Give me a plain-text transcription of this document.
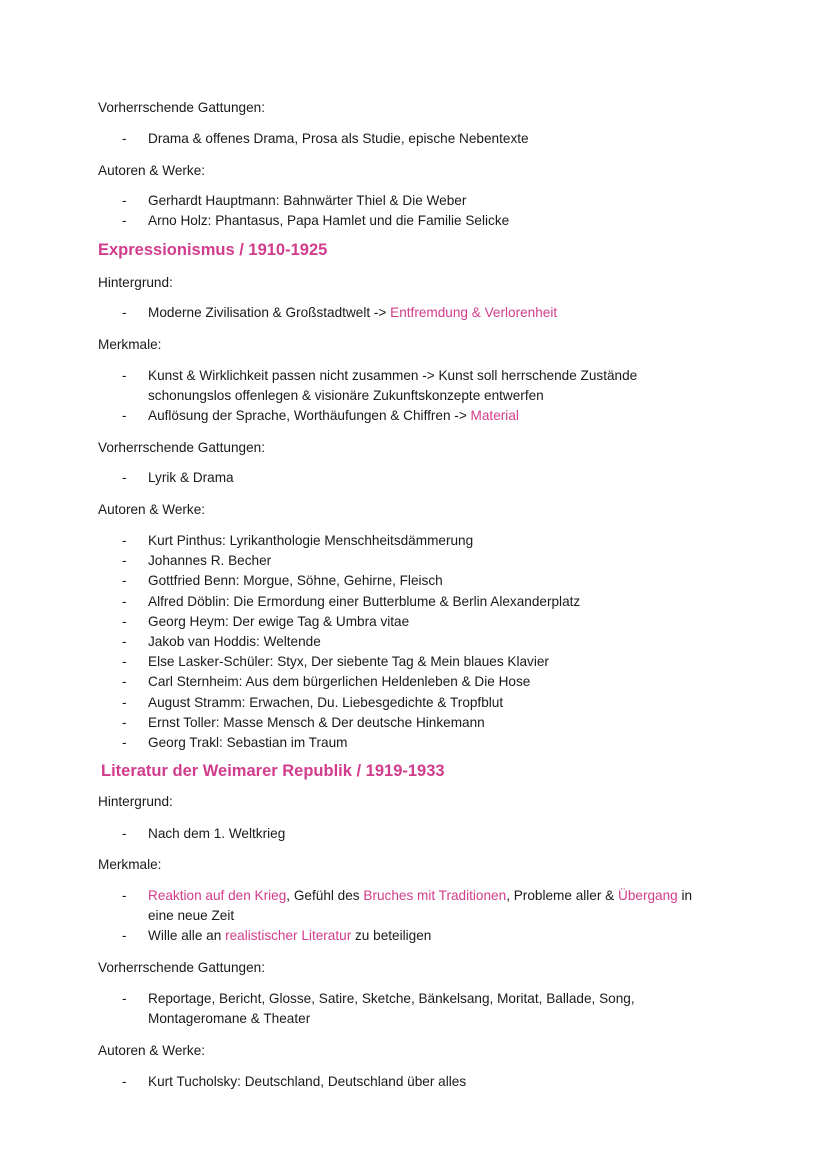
Vorherrschende Gattungen:

- Drama & offenes Drama, Prosa als Studie, epische Nebentexte

Autoren & Werke:

- Gerhardt Hauptmann: Bahnwärter Thiel & Die Weber
- Arno Holz: Phantasus, Papa Hamlet und die Familie Selicke
Expressionismus / 1910-1925

Hintergrund:

- Moderne Zivilisation & Großstadtwelt -> Entfremdung & Verlorenheit

Merkmale:

- Kunst & Wirklichkeit passen nicht zusammen -> Kunst soll herrschende Zustände schonungslos offenlegen & visionäre Zukunftskonzepte entwerfen
- Auflösung der Sprache, Worthäufungen & Chiffren -> Material

Vorherrschende Gattungen:

- Lyrik & Drama

Autoren & Werke:

- Kurt Pinthus: Lyrikanthologie Menschheitsdämmerung
- Johannes R. Becher
- Gottfried Benn: Morgue, Söhne, Gehirne, Fleisch
- Alfred Döblin: Die Ermordung einer Butterblume & Berlin Alexanderplatz
- Georg Heym: Der ewige Tag & Umbra vitae
- Jakob van Hoddis: Weltende
- Else Lasker-Schüler: Styx, Der siebente Tag & Mein blaues Klavier
- Carl Sternheim: Aus dem bürgerlichen Heldenleben & Die Hose
- August Stramm: Erwachen, Du. Liebesgedichte & Tropfblut
- Ernst Toller: Masse Mensch & Der deutsche Hinkemann
- Georg Trakl: Sebastian im Traum
Literatur der Weimarer Republik / 1919-1933

Hintergrund:

- Nach dem 1. Weltkrieg

Merkmale:

- Reaktion auf den Krieg, Gefühl des Bruches mit Traditionen, Probleme aller & Übergang in eine neue Zeit
- Wille alle an realistischer Literatur zu beteiligen

Vorherrschende Gattungen:

- Reportage, Bericht, Glosse, Satire, Sketche, Bänkelsang, Moritat, Ballade, Song, Montageromane & Theater

Autoren & Werke:

- Kurt Tucholsky: Deutschland, Deutschland über alles
